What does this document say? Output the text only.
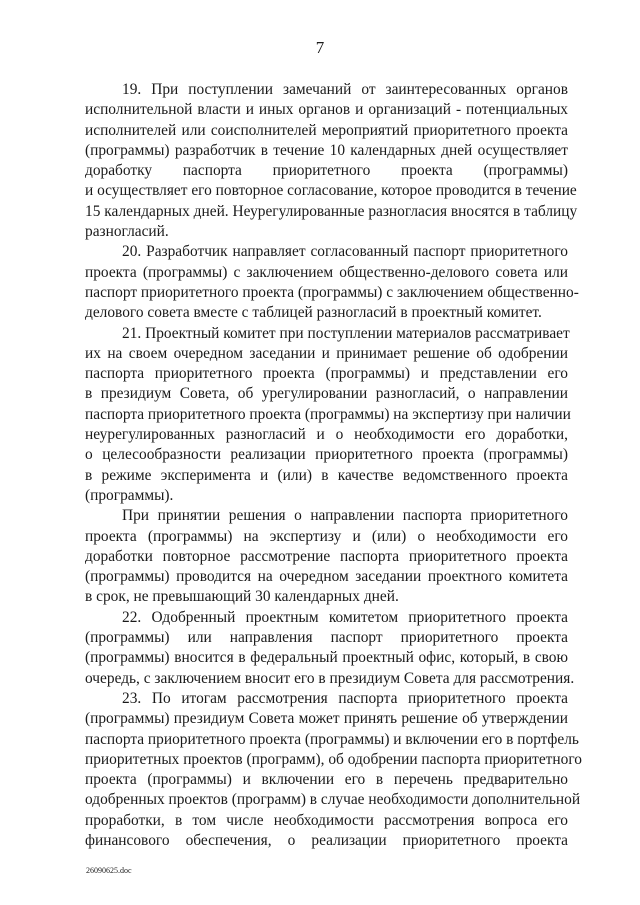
7

19. При поступлении замечаний от заинтересованных органов
исполнительной власти и иных органов и организаций - потенциальных
исполнителей или соисполнителей мероприятий приоритетного проекта
(программы) разработчик в течение 10 календарных дней осуществляет
доработку паспорта приоритетного проекта (программы)
и осуществляет его повторное согласование, которое проводится в течение
15 календарных дней. Неурегулированные разногласия вносятся в таблицу
разногласий.

20. Разработчик направляет согласованный паспорт приоритетного
проекта (программы) с заключением общественно-делового совета или
паспорт приоритетного проекта (программы) с заключением общественно-
делового совета вместе с таблицей разногласий в проектный комитет.

21. Проектный комитет при поступлении материалов рассматривает
их на своем очередном заседании и принимает решение об одобрении
паспорта приоритетного проекта (программы) и представлении его
в президиум Совета, об урегулировании разногласий, о направлении
паспорта приоритетного проекта (программы) на экспертизу при наличии
неурегулированных разногласий и о необходимости его доработки,
о целесообразности реализации приоритетного проекта (программы)
в режиме эксперимента и (или) в качестве ведомственного проекта
(программы).

При принятии решения о направлении паспорта приоритетного
проекта (программы) на экспертизу и (или) о необходимости его
доработки повторное рассмотрение паспорта приоритетного проекта
(программы) проводится на очередном заседании проектного комитета
в срок, не превышающий 30 календарных дней.

22. Одобренный проектным комитетом приоритетного проекта
(программы) или направления паспорт приоритетного проекта
(программы) вносится в федеральный проектный офис, который, в свою
очередь, с заключением вносит его в президиум Совета для рассмотрения.

23. По итогам рассмотрения паспорта приоритетного проекта
(программы) президиум Совета может принять решение об утверждении
паспорта приоритетного проекта (программы) и включении его в портфель
приоритетных проектов (программ), об одобрении паспорта приоритетного
проекта (программы) и включении его в перечень предварительно
одобренных проектов (программ) в случае необходимости дополнительной
проработки, в том числе необходимости рассмотрения вопроса его
финансового обеспечения, о реализации приоритетного проекта

26090625.doc
